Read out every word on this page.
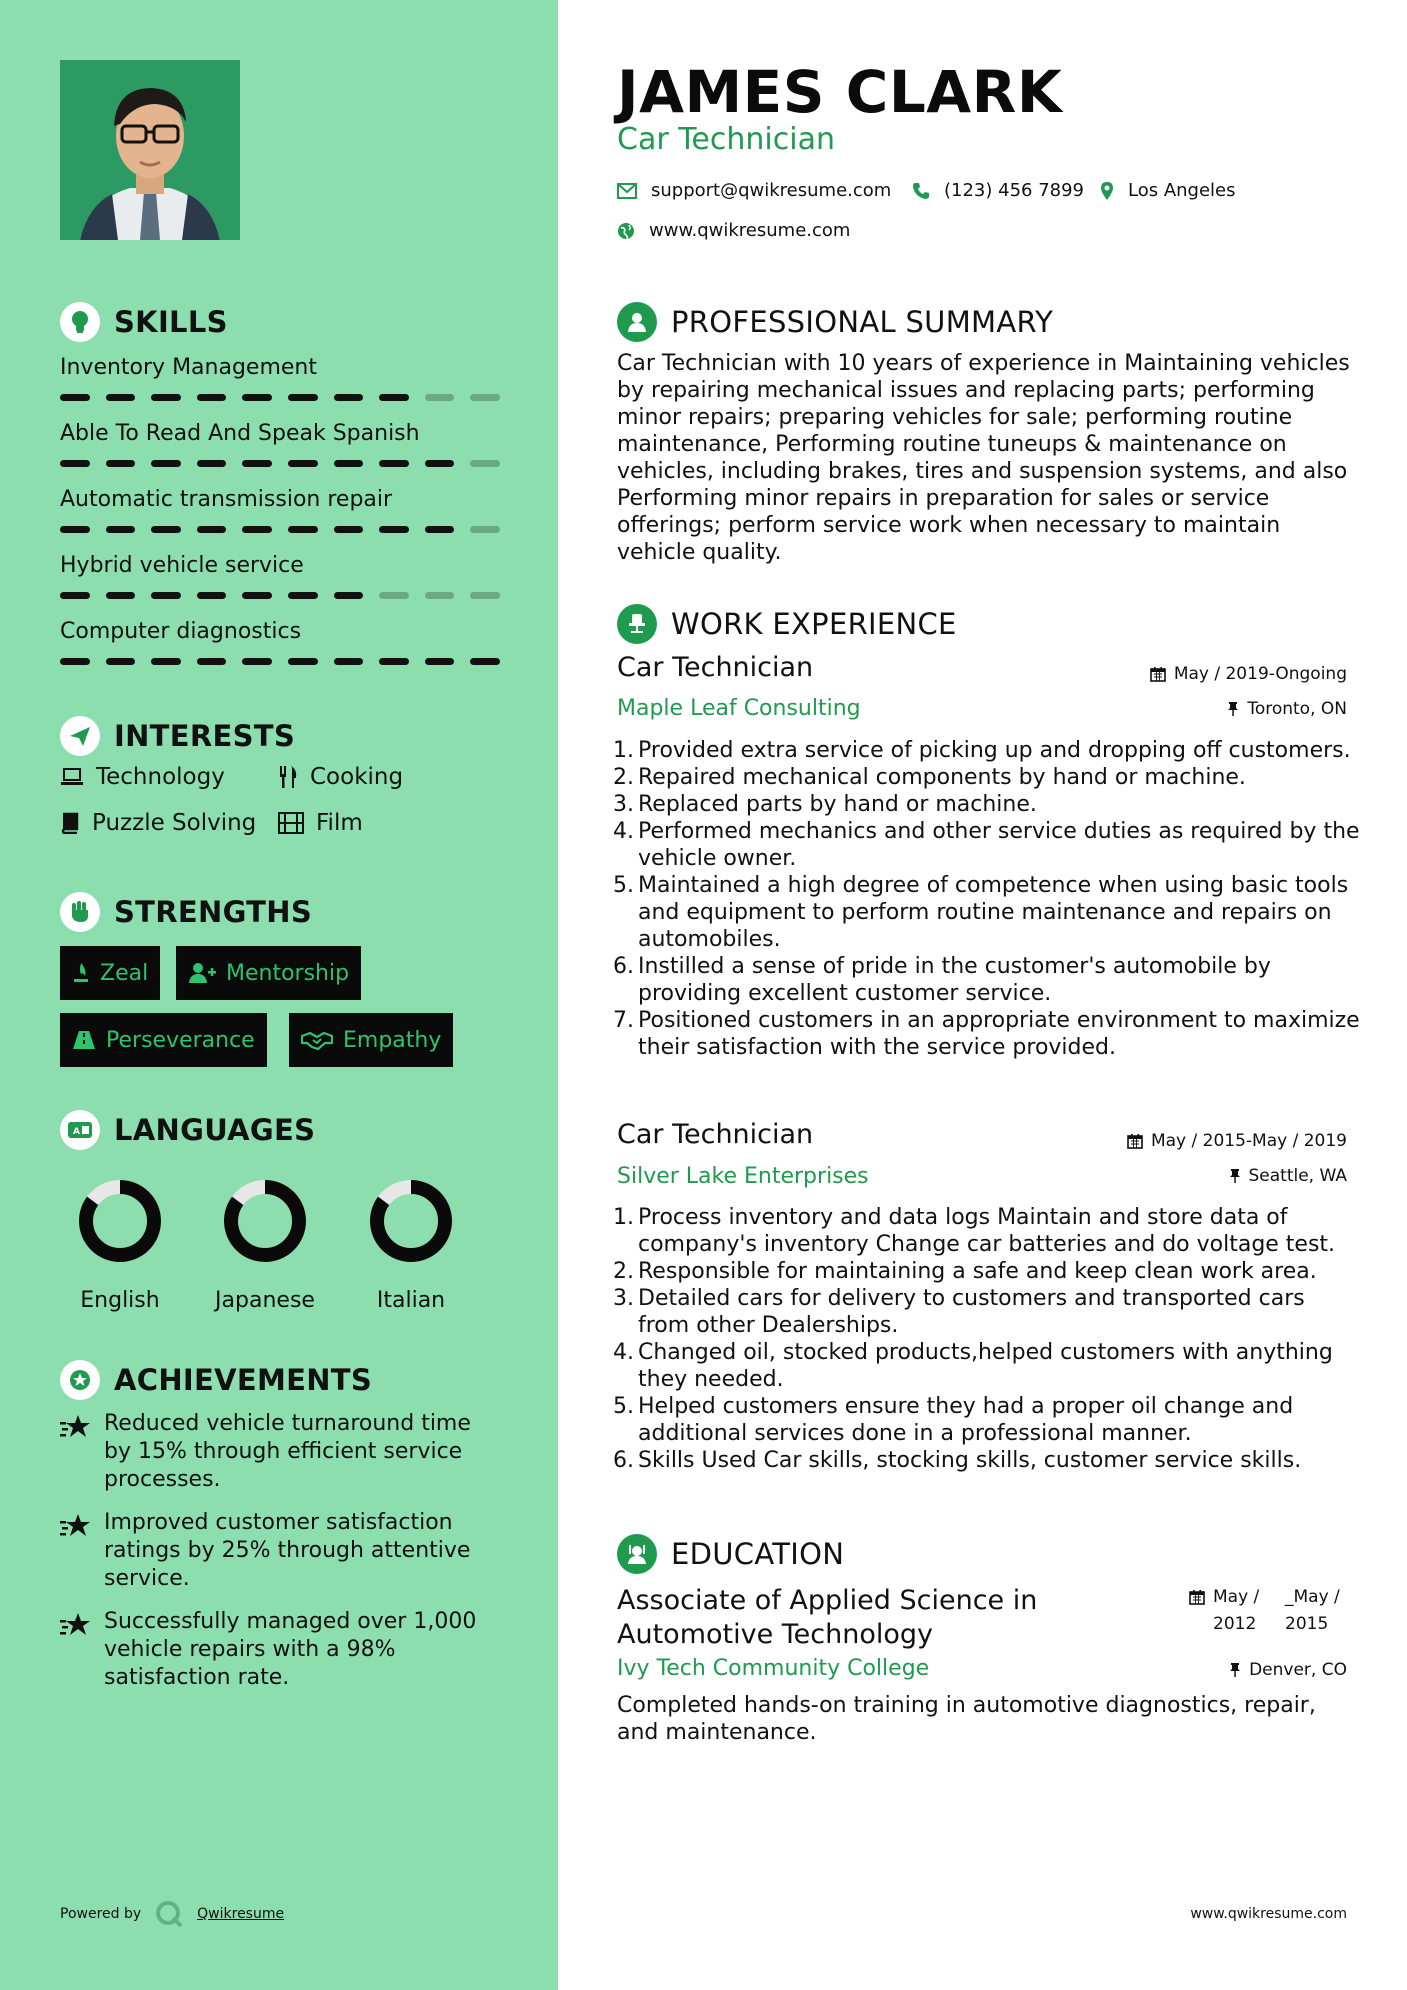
SKILLS
Inventory Management
Able To Read And Speak Spanish
Automatic transmission repair
Hybrid vehicle service
Computer diagnostics
INTERESTS
Technology	Cooking
Puzzle Solving	Film
STRENGTHS
Zeal	Mentorship
Perseverance	Empathy
A LANGUAGES
English	Japanese	Italian
ACHIEVEMENTS
Reduced vehicle turnaround time by 15% through efficient service processes.
Improved customer satisfaction ratings by 25% through attentive service.
Successfully managed over 1,000 vehicle repairs with a 98% satisfaction rate.
Powered by	Qwikresume
JAMES CLARK
Car Technician
support@qwikresume.com	(123) 456 7899 Los Angeles
www.qwikresume.com
PROFESSIONAL SUMMARY
Car Technician with 10 years of experience in Maintaining vehicles by repairing mechanical issues and replacing parts; performing minor repairs; preparing vehicles for sale; performing routine maintenance, Performing routine tuneups & maintenance on vehicles, including brakes, tires and suspension systems, and also Performing minor repairs in preparation for sales or service offerings; perform service work when necessary to maintain vehicle quality.
WORK EXPERIENCE
Car Technician	May / 2019-Ongoing
Maple Leaf Consulting	Toronto, ON
1. Provided extra service of picking up and dropping off customers.
2. Repaired mechanical components by hand or machine.
3. Replaced parts by hand or machine.
4. Performed mechanics and other service duties as required by the vehicle owner.
5. Maintained a high degree of competence when using basic tools and equipment to perform routine maintenance and repairs on automobiles.
6. Instilled a sense of pride in the customer's automobile by providing excellent customer service.
7. Positioned customers in an appropriate environment to maximize their satisfaction with the service provided.
Car Technician	May / 2015-May / 2019
Silver Lake Enterprises	Seattle, WA
1. Process inventory and data logs Maintain and store data of company's inventory Change car batteries and do voltage test.
2. Responsible for maintaining a safe and keep clean work area.
3. Detailed cars for delivery to customers and transported cars from other Dealerships.
4. Changed oil, stocked products,helped customers with anything they needed.
5. Helped customers ensure they had a proper oil change and additional services done in a professional manner.
6. Skills Used Car skills, stocking skills, customer service skills.
EDUCATION
Associate of Applied Science in Automotive Technology
May /
2012
_May /
2015
Ivy Tech Community College	Denver, CO
Completed hands-on training in automotive diagnostics, repair, and maintenance.
www.qwikresume.com
